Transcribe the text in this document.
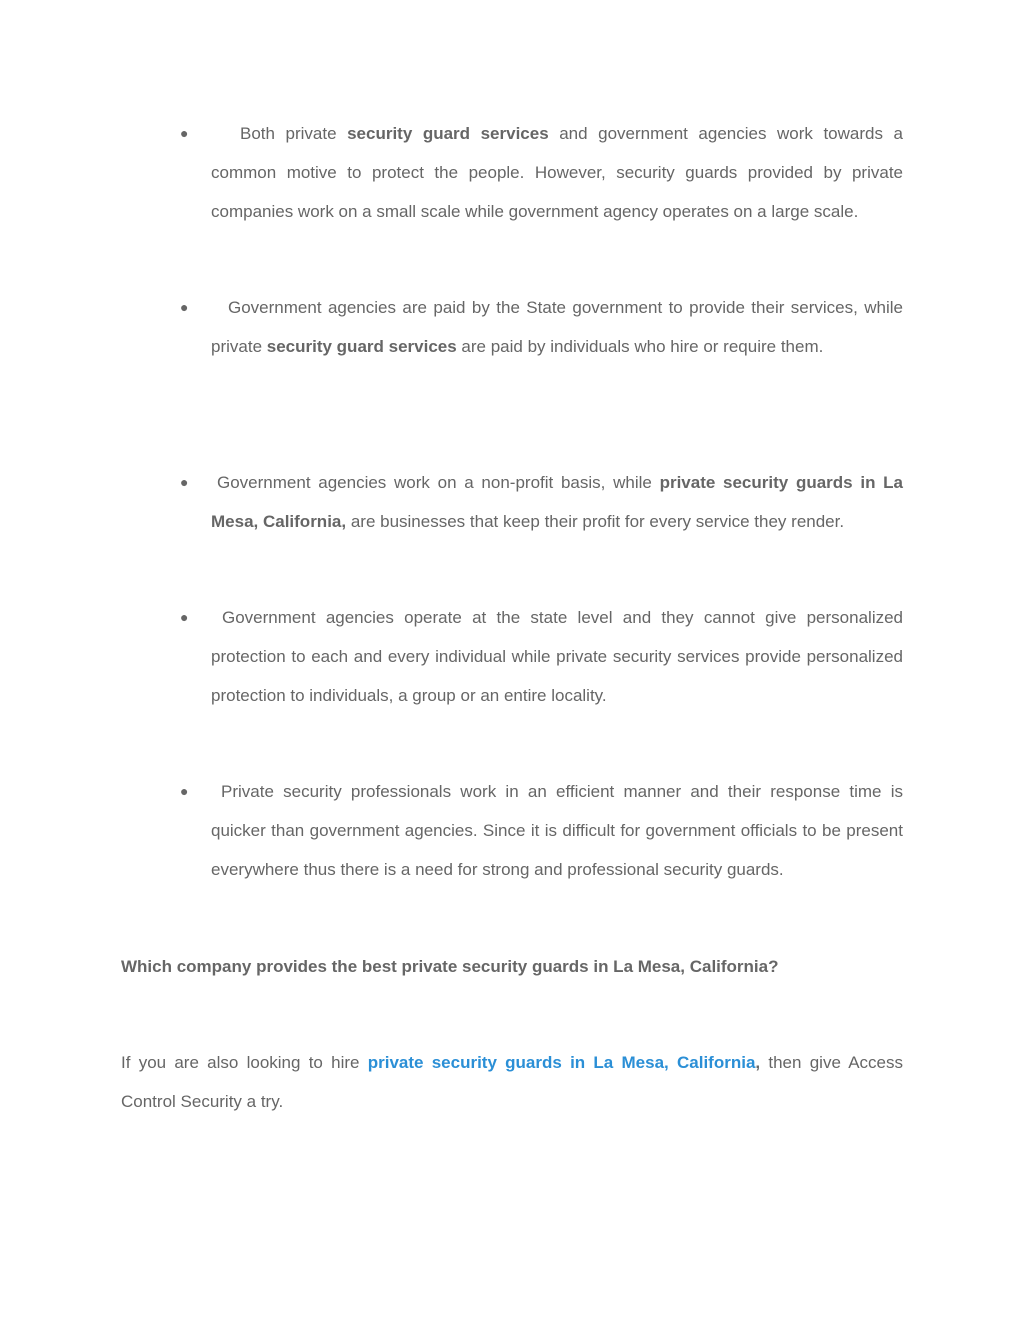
●	Both private security guard services and government agencies work towards a common motive to protect the people. However, security guards provided by private companies work on a small scale while government agency operates on a large scale.
● Government agencies are paid by the State government to provide their services, while private security guard services are paid by individuals who hire or require them.
● Government agencies work on a non-profit basis, while private security guards in La Mesa, California, are businesses that keep their profit for every service they render.
● Government agencies operate at the state level and they cannot give personalized protection to each and every individual while private security services provide personalized protection to individuals, a group or an entire locality.
● Private security professionals work in an efficient manner and their response time is quicker than government agencies. Since it is difficult for government officials to be present everywhere thus there is a need for strong and professional security guards.
Which company provides the best private security guards in La Mesa, California?
If you are also looking to hire private security guards in La Mesa, California, then give Access Control Security a try.
